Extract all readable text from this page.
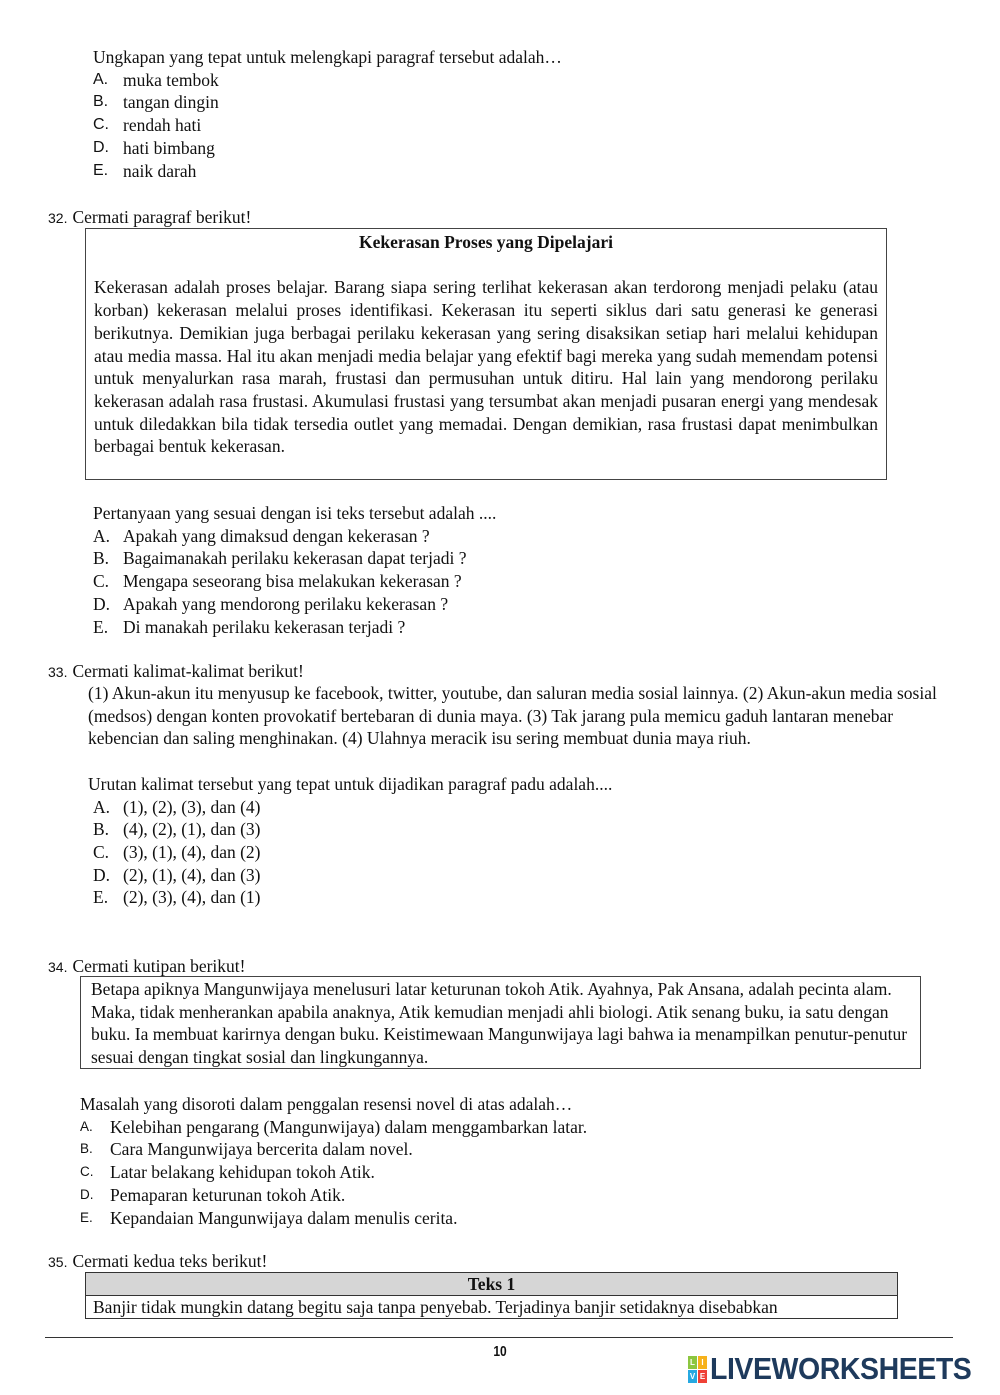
Ungkapan yang tepat untuk melengkapi paragraf tersebut adalah…
A. muka tembok
B. tangan dingin
C. rendah hati
D. hati bimbang
E. naik darah
32. Cermati paragraf berikut!
Kekerasan Proses yang Dipelajari
Kekerasan adalah proses belajar. Barang siapa sering terlihat kekerasan akan terdorong menjadi pelaku (atau korban) kekerasan melalui proses identifikasi. Kekerasan itu seperti siklus dari satu generasi ke generasi berikutnya. Demikian juga berbagai perilaku kekerasan yang sering disaksikan setiap hari melalui kehidupan atau media massa. Hal itu akan menjadi media belajar yang efektif bagi mereka yang sudah memendam potensi untuk menyalurkan rasa marah, frustasi dan permusuhan untuk ditiru. Hal lain yang mendorong perilaku kekerasan adalah rasa frustasi. Akumulasi frustasi yang tersumbat akan menjadi pusaran energi yang mendesak untuk diledakkan bila tidak tersedia outlet yang memadai. Dengan demikian, rasa frustasi dapat menimbulkan berbagai bentuk kekerasan.
Pertanyaan yang sesuai dengan isi teks tersebut adalah ....
A. Apakah yang dimaksud dengan kekerasan ?
B. Bagaimanakah perilaku kekerasan dapat terjadi ?
C. Mengapa seseorang bisa melakukan kekerasan ?
D. Apakah yang mendorong perilaku kekerasan ?
E. Di manakah perilaku kekerasan terjadi ?
33. Cermati kalimat-kalimat berikut!
(1) Akun-akun itu menyusup ke facebook, twitter, youtube, dan saluran media sosial lainnya. (2) Akun-akun media sosial (medsos) dengan konten provokatif bertebaran di dunia maya. (3) Tak jarang pula memicu gaduh lantaran menebar kebencian dan saling menghinakan. (4) Ulahnya meracik isu sering membuat dunia maya riuh.
Urutan kalimat tersebut yang tepat untuk dijadikan paragraf padu adalah....
A. (1), (2), (3), dan (4)
B. (4), (2), (1), dan (3)
C. (3), (1), (4), dan (2)
D. (2), (1), (4), dan (3)
E. (2), (3), (4), dan (1)
34. Cermati kutipan berikut!
Betapa apiknya Mangunwijaya menelusuri latar keturunan tokoh Atik. Ayahnya, Pak Ansana, adalah pecinta alam. Maka, tidak menherankan apabila anaknya, Atik kemudian menjadi ahli biologi. Atik senang buku, ia satu dengan buku. Ia membuat karirnya dengan buku. Keistimewaan Mangunwijaya lagi bahwa ia menampilkan penutur-penutur sesuai dengan tingkat sosial dan lingkungannya.
Masalah yang disoroti dalam penggalan resensi novel di atas adalah…
A. Kelebihan pengarang (Mangunwijaya) dalam menggambarkan latar.
B. Cara Mangunwijaya bercerita dalam novel.
C. Latar belakang kehidupan tokoh Atik.
D. Pemaparan keturunan tokoh Atik.
E. Kepandaian Mangunwijaya dalam menulis cerita.
35. Cermati kedua teks berikut!
Teks 1
Banjir tidak mungkin datang begitu saja tanpa penyebab. Terjadinya banjir setidaknya disebabkan
10
L I
V E LIVEWORKSHEETS
